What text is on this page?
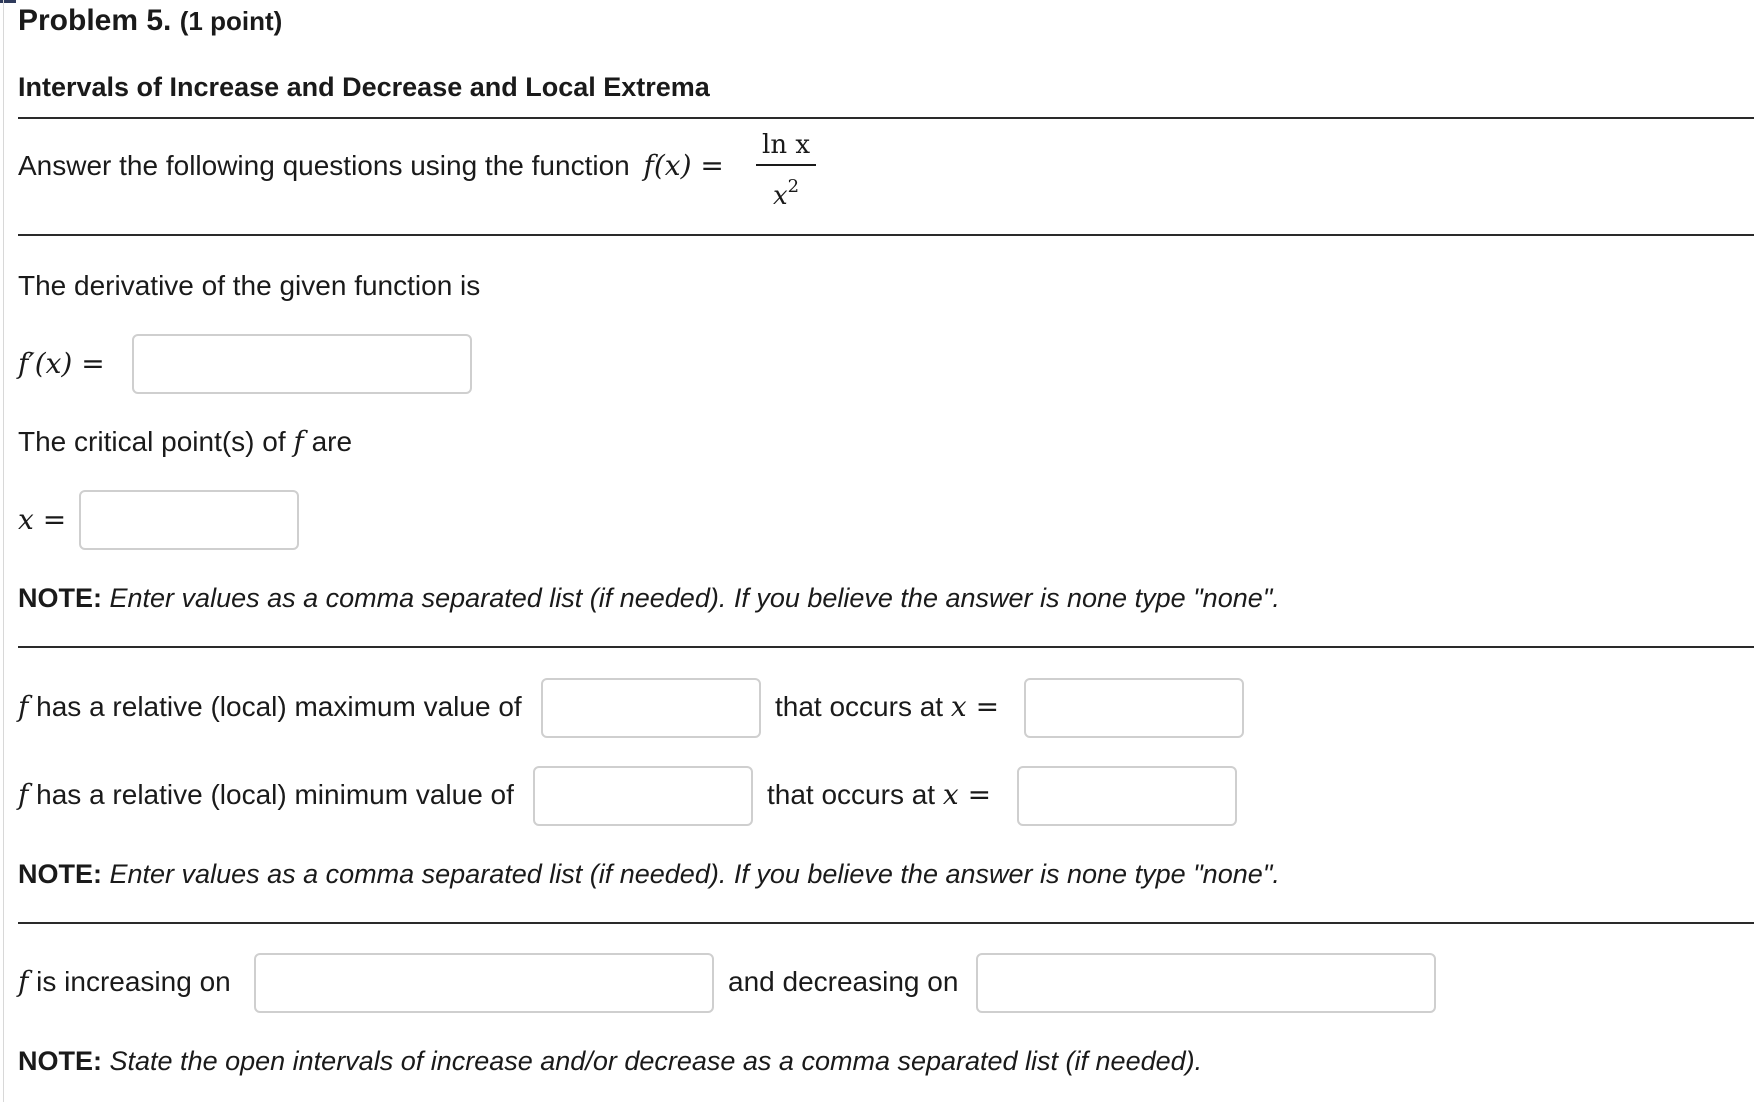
Problem 5. (1 point)
Intervals of Increase and Decrease and Local Extrema
Answer the following questions using the function f(x) =
ln x
$x^2$
The derivative of the given function is
f′(x) =
The critical point(s) of f are
x =
NOTE: Enter values as a comma separated list (if needed). If you believe the answer is none type "none".
f has a relative (local) maximum value of	that occurs at x =
f has a relative (local) minimum value of	that occurs at x =
NOTE: Enter values as a comma separated list (if needed). If you believe the answer is none type "none".
f is increasing on	and decreasing on
NOTE: State the open intervals of increase and/or decrease as a comma separated list (if needed).
